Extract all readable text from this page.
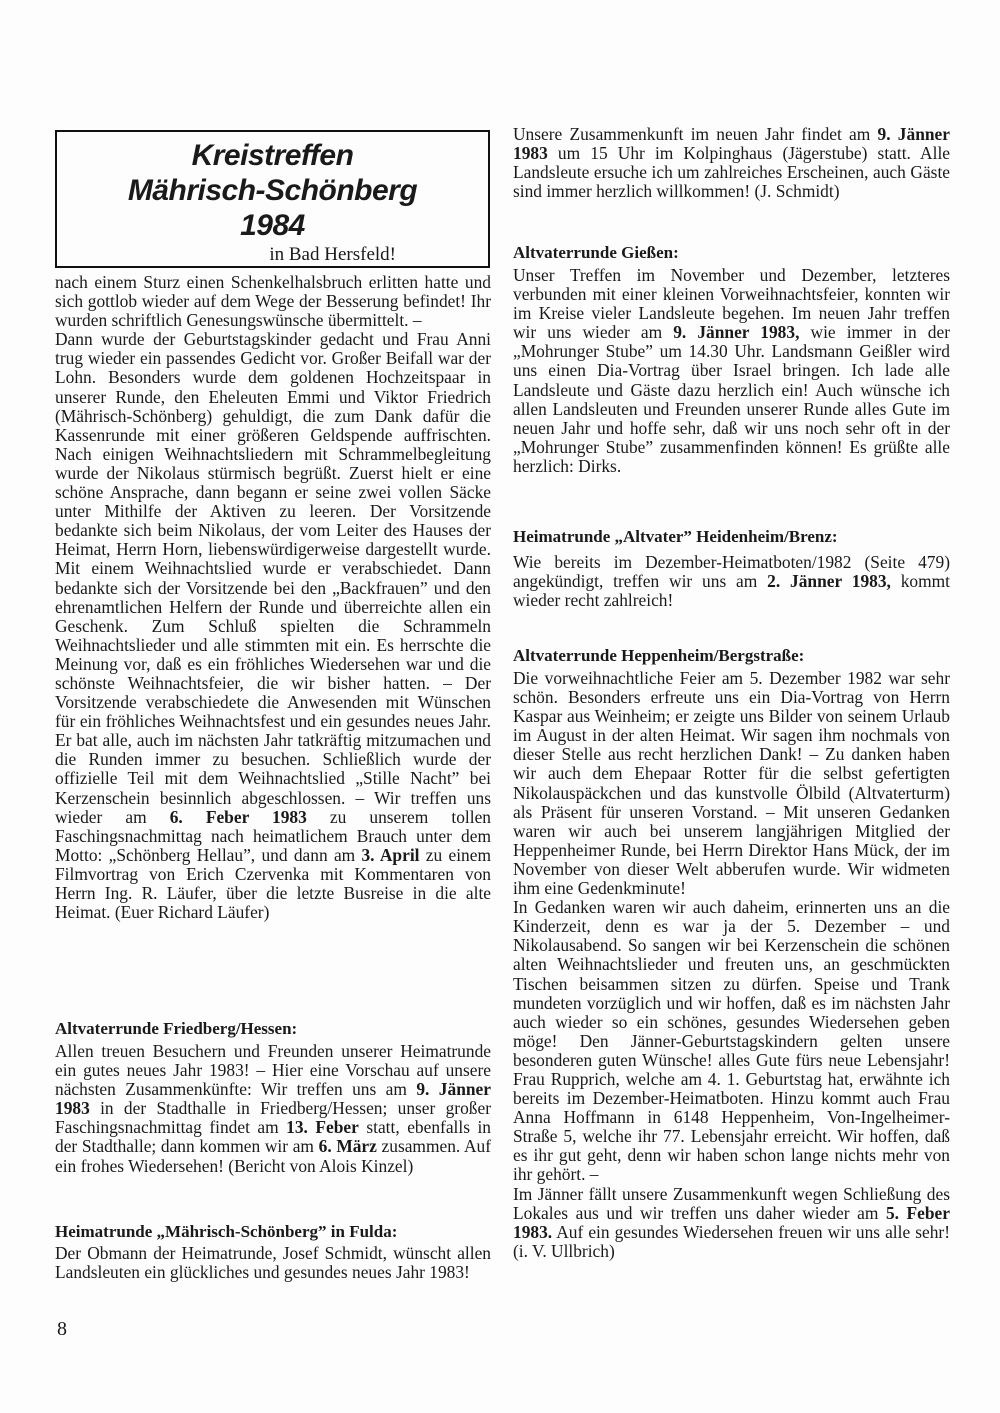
Kreistreffen
Mährisch-Schönberg
1984
in Bad Hersfeld!
nach einem Sturz einen Schenkelhalsbruch erlitten hatte und sich gottlob wieder auf dem Wege der Besserung befindet! Ihr wurden schriftlich Genesungswünsche übermittelt. –
Dann wurde der Geburtstagskinder gedacht und Frau Anni trug wieder ein passendes Gedicht vor. Großer Beifall war der Lohn. Besonders wurde dem goldenen Hochzeitspaar in unserer Runde, den Eheleuten Emmi und Viktor Friedrich (Mährisch-Schönberg) gehuldigt, die zum Dank dafür die Kassenrunde mit einer größeren Geldspende auffrischten. Nach einigen Weihnachtsliedern mit Schrammelbegleitung wurde der Nikolaus stürmisch begrüßt. Zuerst hielt er eine schöne Ansprache, dann begann er seine zwei vollen Säcke unter Mithilfe der Aktiven zu leeren. Der Vorsitzende bedankte sich beim Nikolaus, der vom Leiter des Hauses der Heimat, Herrn Horn, liebenswürdigerweise dargestellt wurde. Mit einem Weihnachtslied wurde er verabschiedet. Dann bedankte sich der Vorsitzende bei den „Backfrauen” und den ehrenamtlichen Helfern der Runde und überreichte allen ein Geschenk. Zum Schluß spielten die Schrammeln Weihnachtslieder und alle stimmten mit ein. Es herrschte die Meinung vor, daß es ein fröhliches Wiedersehen war und die schönste Weihnachtsfeier, die wir bisher hatten. – Der Vorsitzende verabschiedete die Anwesenden mit Wünschen für ein fröhliches Weihnachtsfest und ein gesundes neues Jahr. Er bat alle, auch im nächsten Jahr tatkräftig mitzumachen und die Runden immer zu besuchen. Schließlich wurde der offizielle Teil mit dem Weihnachtslied „Stille Nacht” bei Kerzenschein besinnlich abgeschlossen. – Wir treffen uns wieder am 6. Feber 1983 zu unserem tollen Faschingsnachmittag nach heimatlichem Brauch unter dem Motto: „Schönberg Hellau”, und dann am 3. April zu einem Filmvortrag von Erich Czervenka mit Kommentaren von Herrn Ing. R. Läufer, über die letzte Busreise in die alte Heimat. (Euer Richard Läufer)
Altvaterrunde Friedberg/Hessen:
Allen treuen Besuchern und Freunden unserer Heimatrunde ein gutes neues Jahr 1983! – Hier eine Vorschau auf unsere nächsten Zusammenkünfte: Wir treffen uns am 9. Jänner 1983 in der Stadthalle in Friedberg/Hessen; unser großer Faschingsnachmittag findet am 13. Feber statt, ebenfalls in der Stadthalle; dann kommen wir am 6. März zusammen. Auf ein frohes Wiedersehen! (Bericht von Alois Kinzel)
Heimatrunde „Mährisch-Schönberg” in Fulda:
Der Obmann der Heimatrunde, Josef Schmidt, wünscht allen Landsleuten ein glückliches und gesundes neues Jahr 1983!
8
Unsere Zusammenkunft im neuen Jahr findet am 9. Jänner 1983 um 15 Uhr im Kolpinghaus (Jägerstube) statt. Alle Landsleute ersuche ich um zahlreiches Erscheinen, auch Gäste sind immer herzlich willkommen! (J. Schmidt)
Altvaterrunde Gießen:
Unser Treffen im November und Dezember, letzteres verbunden mit einer kleinen Vorweihnachtsfeier, konnten wir im Kreise vieler Landsleute begehen. Im neuen Jahr treffen wir uns wieder am 9. Jänner 1983, wie immer in der „Mohrunger Stube” um 14.30 Uhr. Landsmann Geißler wird uns einen Dia-Vortrag über Israel bringen. Ich lade alle Landsleute und Gäste dazu herzlich ein! Auch wünsche ich allen Landsleuten und Freunden unserer Runde alles Gute im neuen Jahr und hoffe sehr, daß wir uns noch sehr oft in der „Mohrunger Stube” zusammenfinden können! Es grüßte alle herzlich: Dirks.
Heimatrunde „Altvater” Heidenheim/Brenz:
Wie bereits im Dezember-Heimatboten/1982 (Seite 479) angekündigt, treffen wir uns am 2. Jänner 1983, kommt wieder recht zahlreich!
Altvaterrunde Heppenheim/Bergstraße:
Die vorweihnachtliche Feier am 5. Dezember 1982 war sehr schön. Besonders erfreute uns ein Dia-Vortrag von Herrn Kaspar aus Weinheim; er zeigte uns Bilder von seinem Urlaub im August in der alten Heimat. Wir sagen ihm nochmals von dieser Stelle aus recht herzlichen Dank! – Zu danken haben wir auch dem Ehepaar Rotter für die selbst gefertigten Nikolauspäckchen und das kunstvolle Ölbild (Altvaterturm) als Präsent für unseren Vorstand. – Mit unseren Gedanken waren wir auch bei unserem langjährigen Mitglied der Heppenheimer Runde, bei Herrn Direktor Hans Mück, der im November von dieser Welt abberufen wurde. Wir widmeten ihm eine Gedenkminute!
In Gedanken waren wir auch daheim, erinnerten uns an die Kinderzeit, denn es war ja der 5. Dezember – und Nikolausabend. So sangen wir bei Kerzenschein die schönen alten Weihnachtslieder und freuten uns, an geschmückten Tischen beisammen sitzen zu dürfen. Speise und Trank mundeten vorzüglich und wir hoffen, daß es im nächsten Jahr auch wieder so ein schönes, gesundes Wiedersehen geben möge! Den Jänner-Geburtstagskindern gelten unsere besonderen guten Wünsche! alles Gute fürs neue Lebensjahr! Frau Rupprich, welche am 4. 1. Geburtstag hat, erwähnte ich bereits im Dezember-Heimatboten. Hinzu kommt auch Frau Anna Hoffmann in 6148 Heppenheim, Von-Ingelheimer-Straße 5, welche ihr 77. Lebensjahr erreicht. Wir hoffen, daß es ihr gut geht, denn wir haben schon lange nichts mehr von ihr gehört. –
Im Jänner fällt unsere Zusammenkunft wegen Schließung des Lokales aus und wir treffen uns daher wieder am 5. Feber 1983. Auf ein gesundes Wiedersehen freuen wir uns alle sehr! (i. V. Ullbrich)
